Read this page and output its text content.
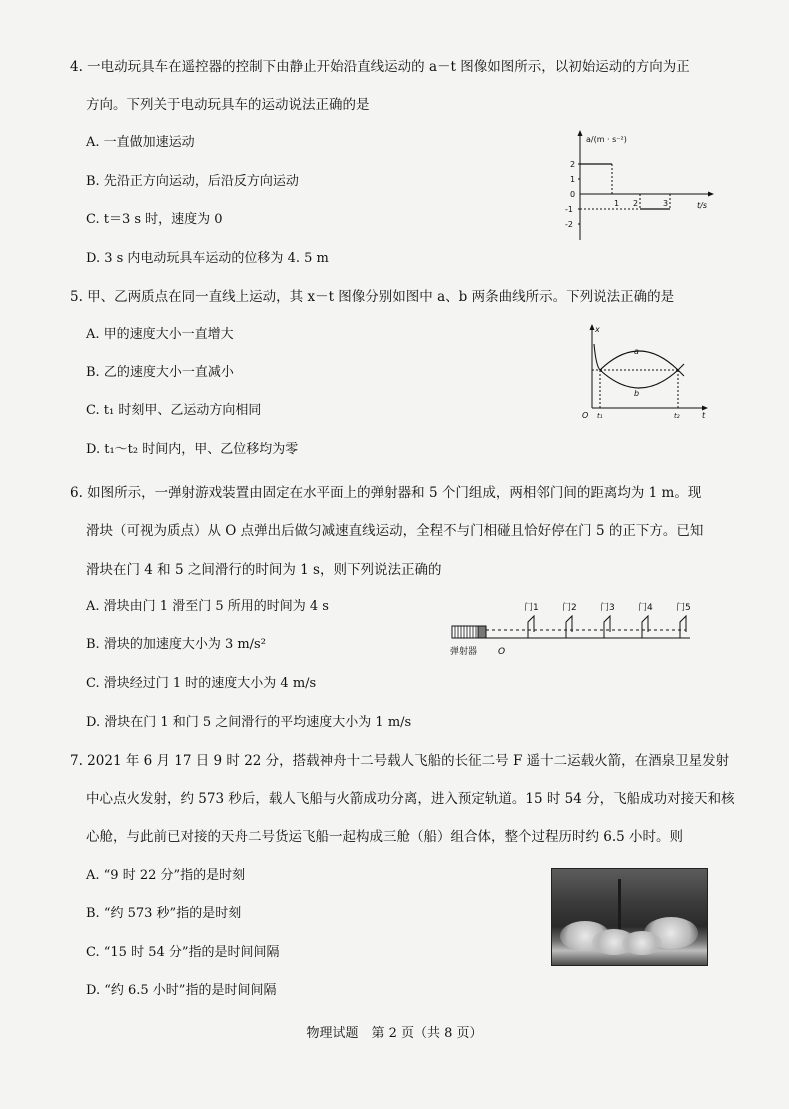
4. 一电动玩具车在遥控器的控制下由静止开始沿直线运动的 a－t 图像如图所示，以初始运动的方向为正
方向。下列关于电动玩具车的运动说法正确的是
A. 一直做加速运动
B. 先沿正方向运动，后沿反方向运动
C. t＝3 s 时，速度为 0
D. 3 s 内电动玩具车运动的位移为 4. 5 m
a/(m · s⁻²)
t/s
2
1
0
-1
-2
1 2	3
5. 甲、乙两质点在同一直线上运动，其 x－t 图像分别如图中 a、b 两条曲线所示。下列说法正确的是
A. 甲的速度大小一直增大
B. 乙的速度大小一直减小
C. t₁ 时刻甲、乙运动方向相同
D. t₁～t₂ 时间内，甲、乙位移均为零
x
t
O
a
b
t₁	t₂
6. 如图所示，一弹射游戏装置由固定在水平面上的弹射器和 5 个门组成，两相邻门间的距离均为 1 m。现
滑块（可视为质点）从 O 点弹出后做匀减速直线运动，全程不与门相碰且恰好停在门 5 的正下方。已知
滑块在门 4 和 5 之间滑行的时间为 1 s，则下列说法正确的
A. 滑块由门 1 滑至门 5 所用的时间为 4 s
B. 滑块的加速度大小为 3 m/s²
C. 滑块经过门 1 时的速度大小为 4 m/s
D. 滑块在门 1 和门 5 之间滑行的平均速度大小为 1 m/s
门1	门2	门3	门4	门5
弹射器 O
7. 2021 年 6 月 17 日 9 时 22 分，搭载神舟十二号载人飞船的长征二号 F 遥十二运载火箭，在酒泉卫星发射
中心点火发射，约 573 秒后，载人飞船与火箭成功分离，进入预定轨道。15 时 54 分，飞船成功对接天和核
心舱，与此前已对接的天舟二号货运飞船一起构成三舱（船）组合体，整个过程历时约 6.5 小时。则
A. “9 时 22 分”指的是时刻
B. “约 573 秒”指的是时刻
C. “15 时 54 分”指的是时间间隔
D. “约 6.5 小时”指的是时间间隔
物理试题　第 2 页（共 8 页）
